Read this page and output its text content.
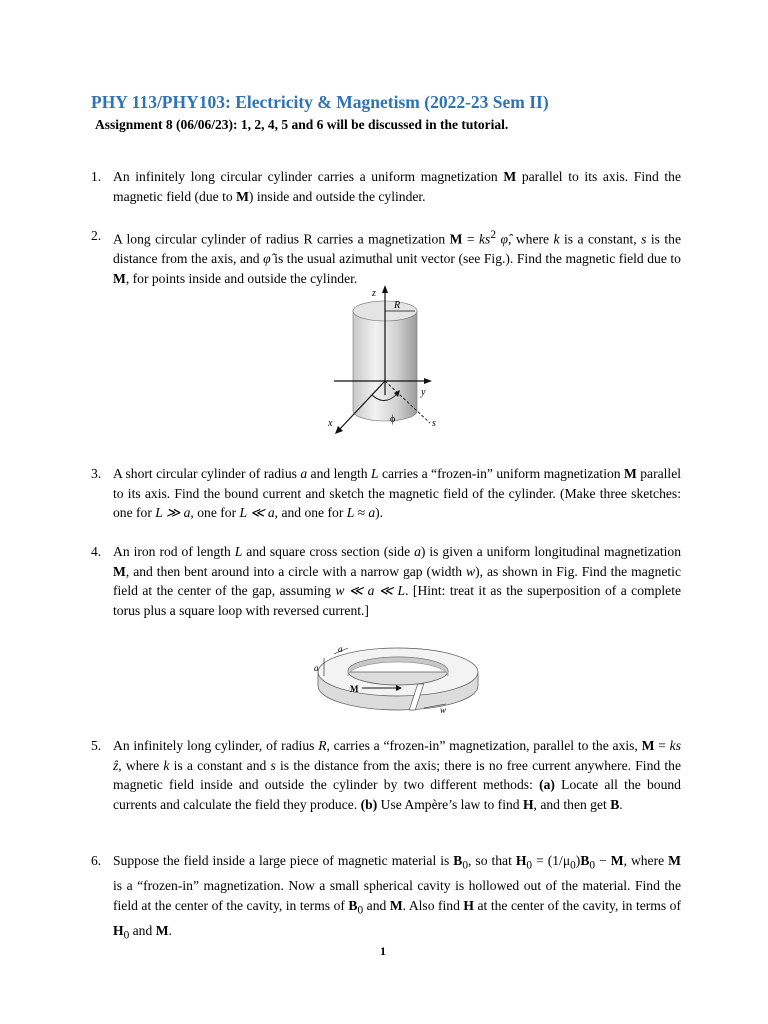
PHY 113/PHY103: Electricity & Magnetism (2022-23 Sem II)
Assignment 8 (06/06/23): 1, 2, 4, 5 and 6 will be discussed in the tutorial.
1. An infinitely long circular cylinder carries a uniform magnetization M parallel to its axis. Find the magnetic field (due to M) inside and outside the cylinder.
2. A long circular cylinder of radius R carries a magnetization $M = ks^2$ φ̂, where k is a constant, s is the distance from the axis, and φ̂ is the usual azimuthal unit vector (see Fig.). Find the magnetic field due to M, for points inside and outside the cylinder.
z
R
y
x	s
ϕ
3. A short circular cylinder of radius a and length L carries a “frozen-in” uniform magnetization M parallel to its axis. Find the bound current and sketch the magnetic field of the cylinder. (Make three sketches: one for L ≫ a, one for L ≪ a, and one for L ≈ a).
4. An iron rod of length L and square cross section (side a) is given a uniform longitudinal magnetization M, and then bent around into a circle with a narrow gap (width w), as shown in Fig. Find the magnetic field at the center of the gap, assuming w ≪ a ≪ L. [Hint: treat it as the superposition of a complete torus plus a square loop with reversed current.]
a
a
M
w
5. An infinitely long cylinder, of radius R, carries a “frozen-in” magnetization, parallel to the axis, M = ks ẑ, where k is a constant and s is the distance from the axis; there is no free current anywhere. Find the magnetic field inside and outside the cylinder by two different methods: (a) Locate all the bound currents and calculate the field they produce. (b) Use Ampère’s law to find H, and then get B.
6. Suppose the field inside a large piece of magnetic material is $B_0$, so that $H_0 = (1/\mu_0)B_0 - M$, where M is a “frozen-in” magnetization. Now a small spherical cavity is hollowed out of the material. Find the field at the center of the cavity, in terms of $B_0$ and M. Also find H at the center of the cavity, in terms of $H_0$ and M.
1
